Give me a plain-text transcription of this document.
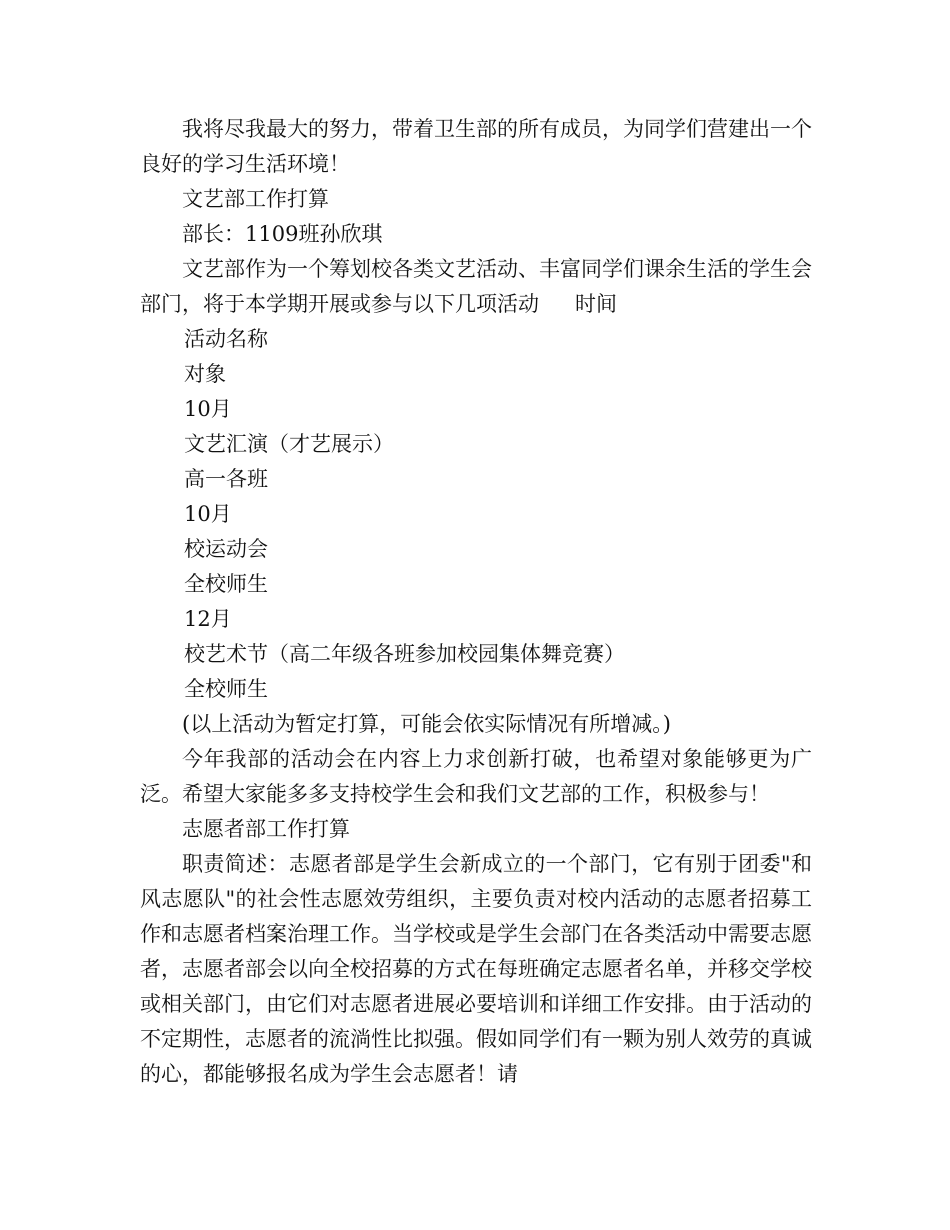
我将尽我最大的努力，带着卫生部的所有成员，为同学们营建出一个良好的学习生活环境！

文艺部工作打算

部长：1109班孙欣琪

文艺部作为一个筹划校各类文艺活动、丰富同学们课余生活的学生会部门，将于本学期开展或参与以下几项活动 时间

活动名称
对象
10月
文艺汇演（才艺展示）
高一各班
10月
校运动会
全校师生
12月
校艺术节（高二年级各班参加校园集体舞竞赛）
全校师生

(以上活动为暂定打算，可能会依实际情况有所增减。)

今年我部的活动会在内容上力求创新打破，也希望对象能够更为广泛。希望大家能多多支持校学生会和我们文艺部的工作，积极参与！

志愿者部工作打算

职责简述：志愿者部是学生会新成立的一个部门，它有别于团委"和风志愿队"的社会性志愿效劳组织，主要负责对校内活动的志愿者招募工作和志愿者档案治理工作。当学校或是学生会部门在各类活动中需要志愿者，志愿者部会以向全校招募的方式在每班确定志愿者名单，并移交学校或相关部门，由它们对志愿者进展必要培训和详细工作安排。由于活动的不定期性，志愿者的流淌性比拟强。假如同学们有一颗为别人效劳的真诚的心，都能够报名成为学生会志愿者！请
